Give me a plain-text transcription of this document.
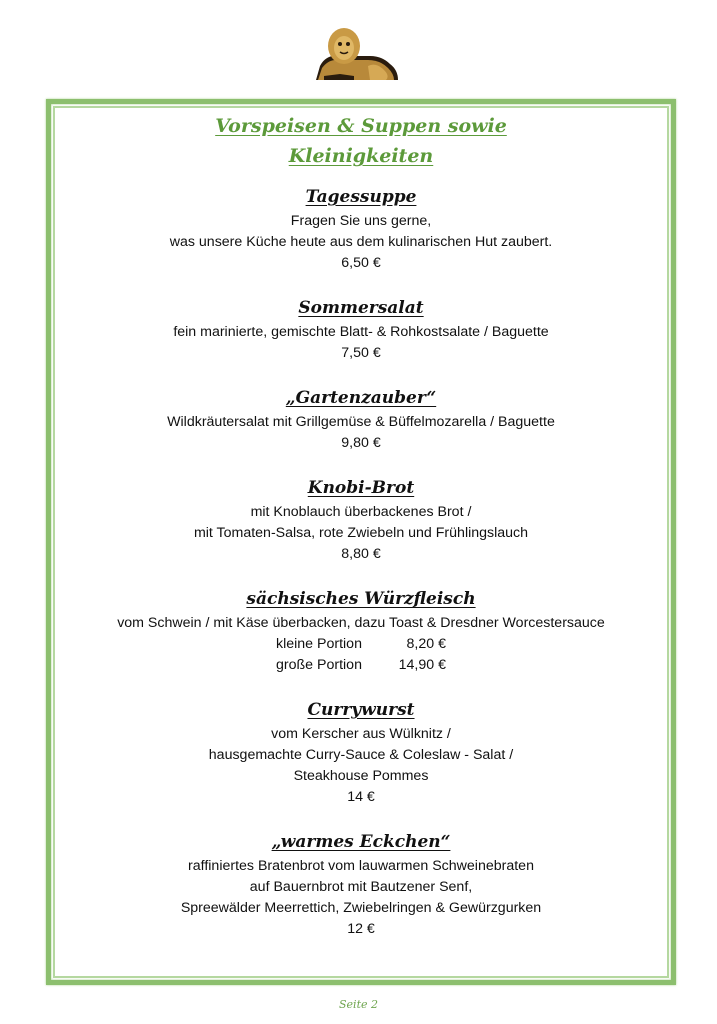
Vorspeisen & Suppen sowie

Kleinigkeiten

Tagessuppe

Fragen Sie uns gerne,

was unsere Küche heute aus dem kulinarischen Hut zaubert.

6,50 €

Sommersalat

fein marinierte, gemischte Blatt- & Rohkostsalate / Baguette

7,50 €

„Gartenzauber“

Wildkräutersalat mit Grillgemüse & Büffelmozarella / Baguette

9,80 €

Knobi-Brot

mit Knoblauch überbackenes Brot /

mit Tomaten-Salsa, rote Zwiebeln und Frühlingslauch

8,80 €

sächsisches Würzfleisch

vom Schwein / mit Käse überbacken, dazu Toast & Dresdner Worcestersauce

kleine Portion	8,20 €
große Portion	14,90 €

Currywurst

vom Kerscher aus Wülknitz /

hausgemachte Curry-Sauce & Coleslaw - Salat /

Steakhouse Pommes

14 €

„warmes Eckchen“

raffiniertes Bratenbrot vom lauwarmen Schweinebraten

auf Bauernbrot mit Bautzener Senf,

Spreewälder Meerrettich, Zwiebelringen & Gewürzgurken

12 €

Seite 2
